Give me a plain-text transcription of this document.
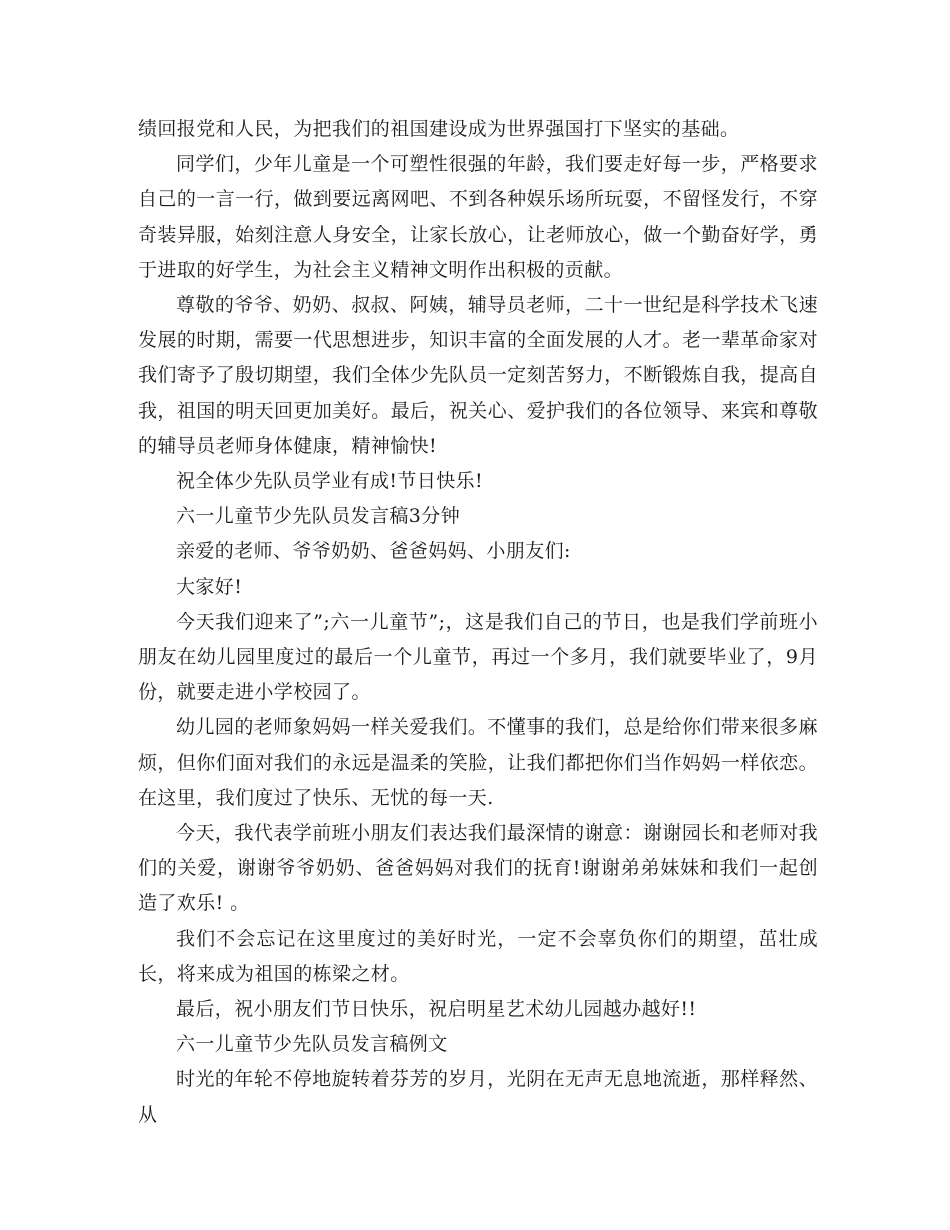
绩回报党和人民，为把我们的祖国建设成为世界强国打下坚实的基础。

同学们，少年儿童是一个可塑性很强的年龄，我们要走好每一步，严格要求自己的一言一行，做到要远离网吧、不到各种娱乐场所玩耍，不留怪发行，不穿奇装异服，始刻注意人身安全，让家长放心，让老师放心，做一个勤奋好学，勇于进取的好学生，为社会主义精神文明作出积极的贡献。

尊敬的爷爷、奶奶、叔叔、阿姨，辅导员老师，二十一世纪是科学技术飞速发展的时期，需要一代思想进步，知识丰富的全面发展的人才。老一辈革命家对我们寄予了殷切期望，我们全体少先队员一定刻苦努力，不断锻炼自我，提高自我，祖国的明天回更加美好。最后，祝关心、爱护我们的各位领导、来宾和尊敬的辅导员老师身体健康，精神愉快!

祝全体少先队员学业有成!节日快乐!

六一儿童节少先队员发言稿3分钟

亲爱的老师、爷爷奶奶、爸爸妈妈、小朋友们:

大家好!

今天我们迎来了”;六一儿童节”;，这是我们自己的节日，也是我们学前班小朋友在幼儿园里度过的最后一个儿童节，再过一个多月，我们就要毕业了，9月份，就要走进小学校园了。

幼儿园的老师象妈妈一样关爱我们。不懂事的我们，总是给你们带来很多麻烦，但你们面对我们的永远是温柔的笑脸，让我们都把你们当作妈妈一样依恋。在这里，我们度过了快乐、无忧的每一天.

今天，我代表学前班小朋友们表达我们最深情的谢意：谢谢园长和老师对我们的关爱，谢谢爷爷奶奶、爸爸妈妈对我们的抚育!谢谢弟弟妹妹和我们一起创造了欢乐! 。

我们不会忘记在这里度过的美好时光，一定不会辜负你们的期望，茁壮成长，将来成为祖国的栋梁之材。

最后，祝小朋友们节日快乐，祝启明星艺术幼儿园越办越好!!

六一儿童节少先队员发言稿例文

时光的年轮不停地旋转着芬芳的岁月，光阴在无声无息地流逝，那样释然、从
